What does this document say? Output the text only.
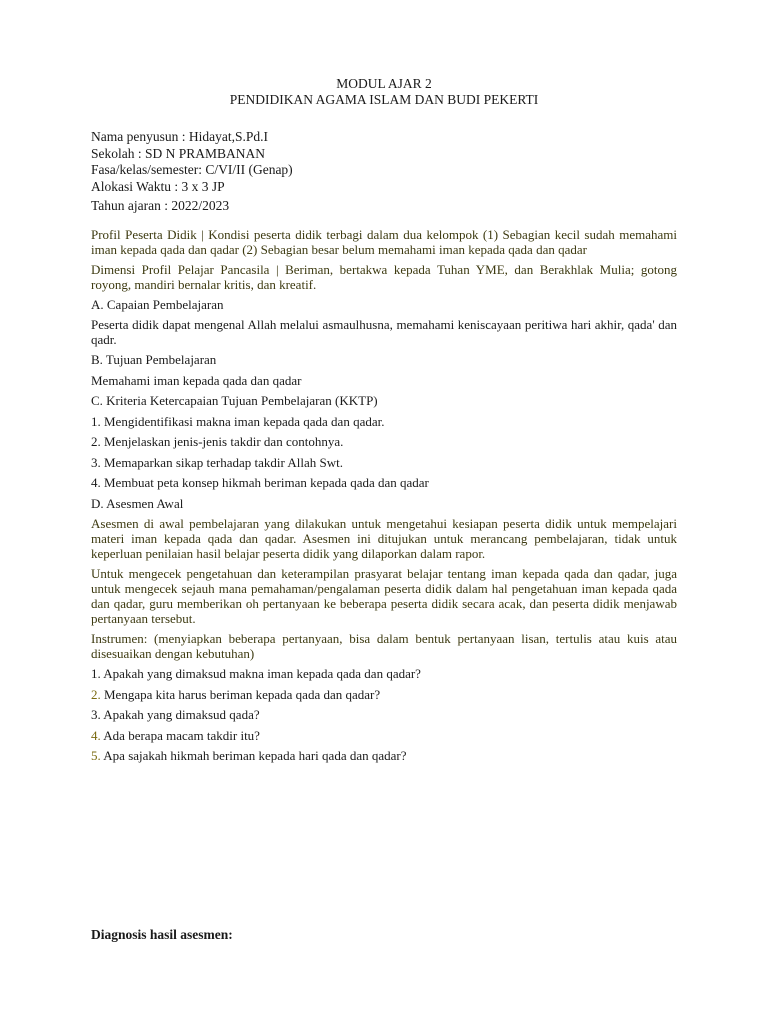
MODUL AJAR 2
PENDIDIKAN AGAMA ISLAM DAN BUDI PEKERTI
Nama penyusun : Hidayat,S.Pd.I
Sekolah : SD N PRAMBANAN
Fasa/kelas/semester: C/VI/II (Genap)
Alokasi Waktu : 3 x 3 JP
Tahun ajaran : 2022/2023

Profil Peserta Didik | Kondisi peserta didik terbagi dalam dua kelompok (1) Sebagian kecil sudah memahami iman kepada qada dan qadar (2) Sebagian besar belum memahami iman kepada qada dan qadar

Dimensi Profil Pelajar Pancasila | Beriman, bertakwa kepada Tuhan YME, dan Berakhlak Mulia; gotong royong, mandiri bernalar kritis, dan kreatif.

A. Capaian Pembelajaran

Peserta didik dapat mengenal Allah melalui asmaulhusna, memahami keniscayaan peritiwa hari akhir, qada' dan qadr.

B. Tujuan Pembelajaran

Memahami iman kepada qada dan qadar

C. Kriteria Ketercapaian Tujuan Pembelajaran (KKTP)

1. Mengidentifikasi makna iman kepada qada dan qadar.

2. Menjelaskan jenis-jenis takdir dan contohnya.

3. Memaparkan sikap terhadap takdir Allah Swt.

4. Membuat peta konsep hikmah beriman kepada qada dan qadar

D. Asesmen Awal

Asesmen di awal pembelajaran yang dilakukan untuk mengetahui kesiapan peserta didik untuk mempelajari materi iman kepada qada dan qadar. Asesmen ini ditujukan untuk merancang pembelajaran, tidak untuk keperluan penilaian hasil belajar peserta didik yang dilaporkan dalam rapor.

Untuk mengecek pengetahuan dan keterampilan prasyarat belajar tentang iman kepada qada dan qadar, juga untuk mengecek sejauh mana pemahaman/pengalaman peserta didik dalam hal pengetahuan iman kepada qada dan qadar, guru memberikan oh pertanyaan ke beberapa peserta didik secara acak, dan peserta didik menjawab pertanyaan tersebut.

Instrumen: (menyiapkan beberapa pertanyaan, bisa dalam bentuk pertanyaan lisan, tertulis atau kuis atau disesuaikan dengan kebutuhan)

1. Apakah yang dimaksud makna iman kepada qada dan qadar?

2. Mengapa kita harus beriman kepada qada dan qadar?

3. Apakah yang dimaksud qada?

4. Ada berapa macam takdir itu?

5. Apa sajakah hikmah beriman kepada hari qada dan qadar?

Diagnosis hasil asesmen:
